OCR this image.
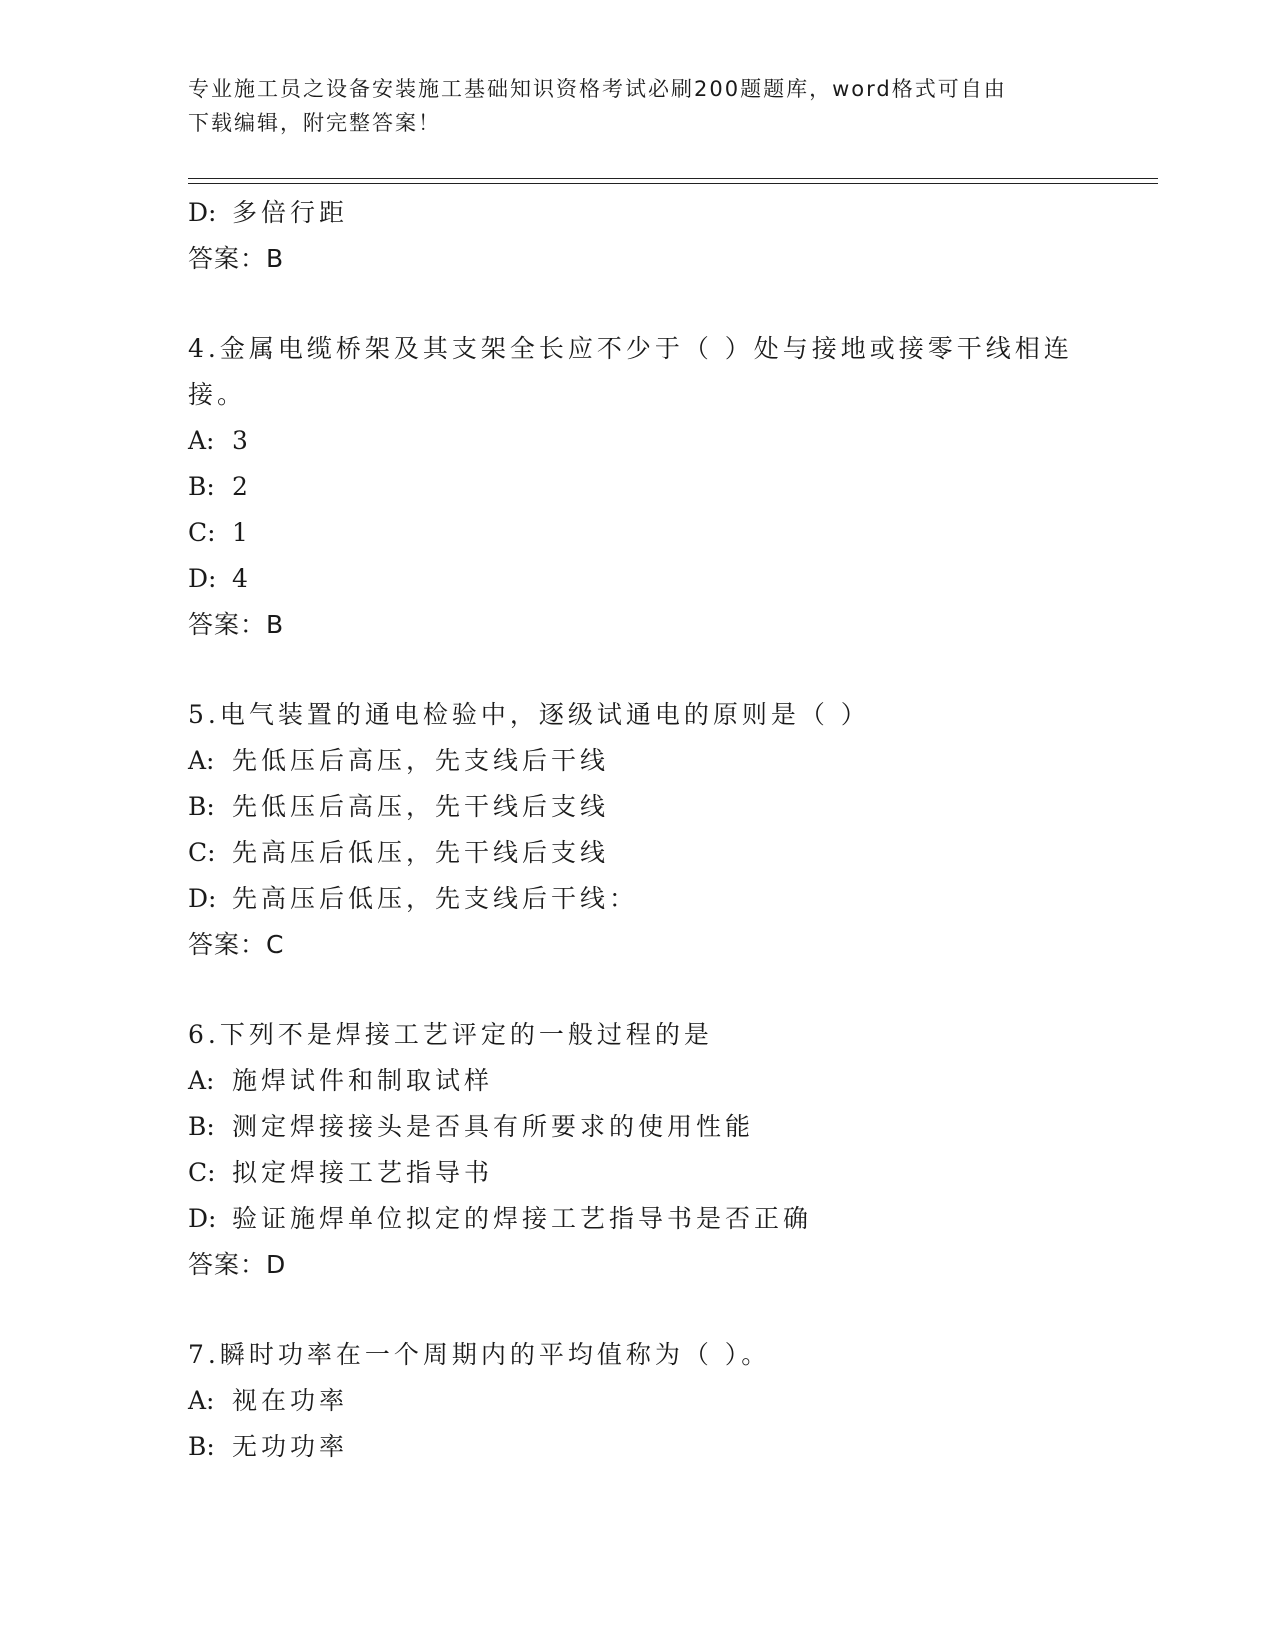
专业施工员之设备安装施工基础知识资格考试必刷200题题库，word格式可自由
下载编辑，附完整答案！
D: 多倍行距
答案：B
4.金属电缆桥架及其支架全长应不少于（ ）处与接地或接零干线相连
接。
A: 3
B: 2
C: 1
D: 4
答案：B
5.电气装置的通电检验中，逐级试通电的原则是（ ）
A: 先低压后高压，先支线后干线
B: 先低压后高压，先干线后支线
C: 先高压后低压，先干线后支线
D: 先高压后低压，先支线后干线：
答案：C
6.下列不是焊接工艺评定的一般过程的是
A: 施焊试件和制取试样
B: 测定焊接接头是否具有所要求的使用性能
C: 拟定焊接工艺指导书
D: 验证施焊单位拟定的焊接工艺指导书是否正确
答案：D
7.瞬时功率在一个周期内的平均值称为（ ）。
A: 视在功率
B: 无功功率
